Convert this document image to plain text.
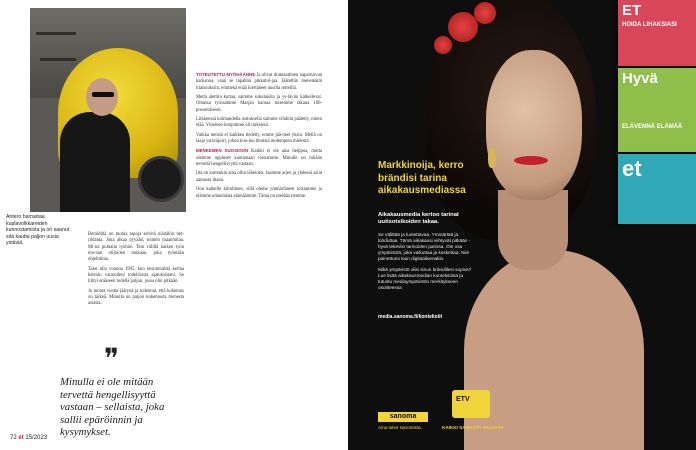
Antero harrastaa kuplavolkkareiden kunnostamista ja on saanut sitä kautta paljon uusia ystäviä.

Bemidiltä on monia tapoja selvitä niistäkin tiet-rildanta. Joka alkaa pyyääti, toimen maanmitaa. Mi-na puhtaita työhön. Tein välillä kaiken työn mu-nan olijoiden mukaan, joka työntään ohjelmitaa.

Talot olla vuonna 1995, kun ensimmäistä kertaa kerroin vaimolleni todellisista ajatuksistani. Se liittyi erääseen todella paljon, jossa olin pitkään.

Jo monta vuotta jäätynä ja todennut, että kokemus on tärkeä. Minulla on paljon kokemusta monesta asiasta.

❞
Minulla ei ole mitään tervettä hengellisyyttä vastaan – sellaista, joka sallii epäröinnin ja kysymykset.

TOTEUTETTU MYÖHÄÄNNE Ja olivat dramaattinen naparturvan karkanna, vaan se tapahtui pikkuhil-jaa. Jäätettiin menemätät tilaisuuksiin, emmekä enää kiertäneet uusilla reiteillä.

Mettä alettiin kuttaa, saimme sukulaisiin ja ys-täviin katkeilevat. Omassa työssämme Marjan kanssa toisemme takana 100-prosenttisesti.

Liikkeessä kolmandella osituksella saimme vihdoin päätetty, miten elää. Yhteinen lempimme oli tärkeintä.

Vaikka meistä ei kaikkea tiedetty, emme jää-neet yksin. Mellä on laaja ystäväpiiri, johon kuu-luu ihmisiä molempien mielestä.

MENKEMEN SUOSIOON Kaikki ei ole aina helppoa, mutta olemme oppineet kantamaan toisiamme. Minulle on mitään tervettä hengellisyyttä vastaan.

Ilta on kuitenkin aina ollut läheinen. Jaamme arjen ja yhdessä asiat aamusta iltaan.

Oon kaikelle kiitollinen, sillä oleme ymmärtäneet toisiamme ja elämme omanlaista elämäämme. Tämä on meidän tiemme.

72 et 15/2023
ET
HOIDA LIHAKSIASI
Hyvä
ELÄVENNÄ ELÄMÄÄ
et
Markkinoija, kerro brändisi tarina aikakausmediassa
Aikakausmedia kertoo tarinat uutisotsikoiden takaa.

Se välittää ja luotettavaa. Ymmärtää ja lohduttaa. Tämä aikakausi viihtyvät pitkään - hyvä tekeviin tarinoiden parissa. Ole osa ympäristöä, joka vaikuttaa ja koskettaa. Niin painettuna kuin digitaalisenakin.

Mikä ympäristö olisi sinun brändillesi sopiva? Lue lisää aikakausmedian kontekstista ja tutustu mediaympäristön merkitykseen osoitteessa

media.sanoma.fi/kontekstit
sanoma
Aina tulee sanomista.
ETV
KAIKKI SAMASTA TALOSTA
